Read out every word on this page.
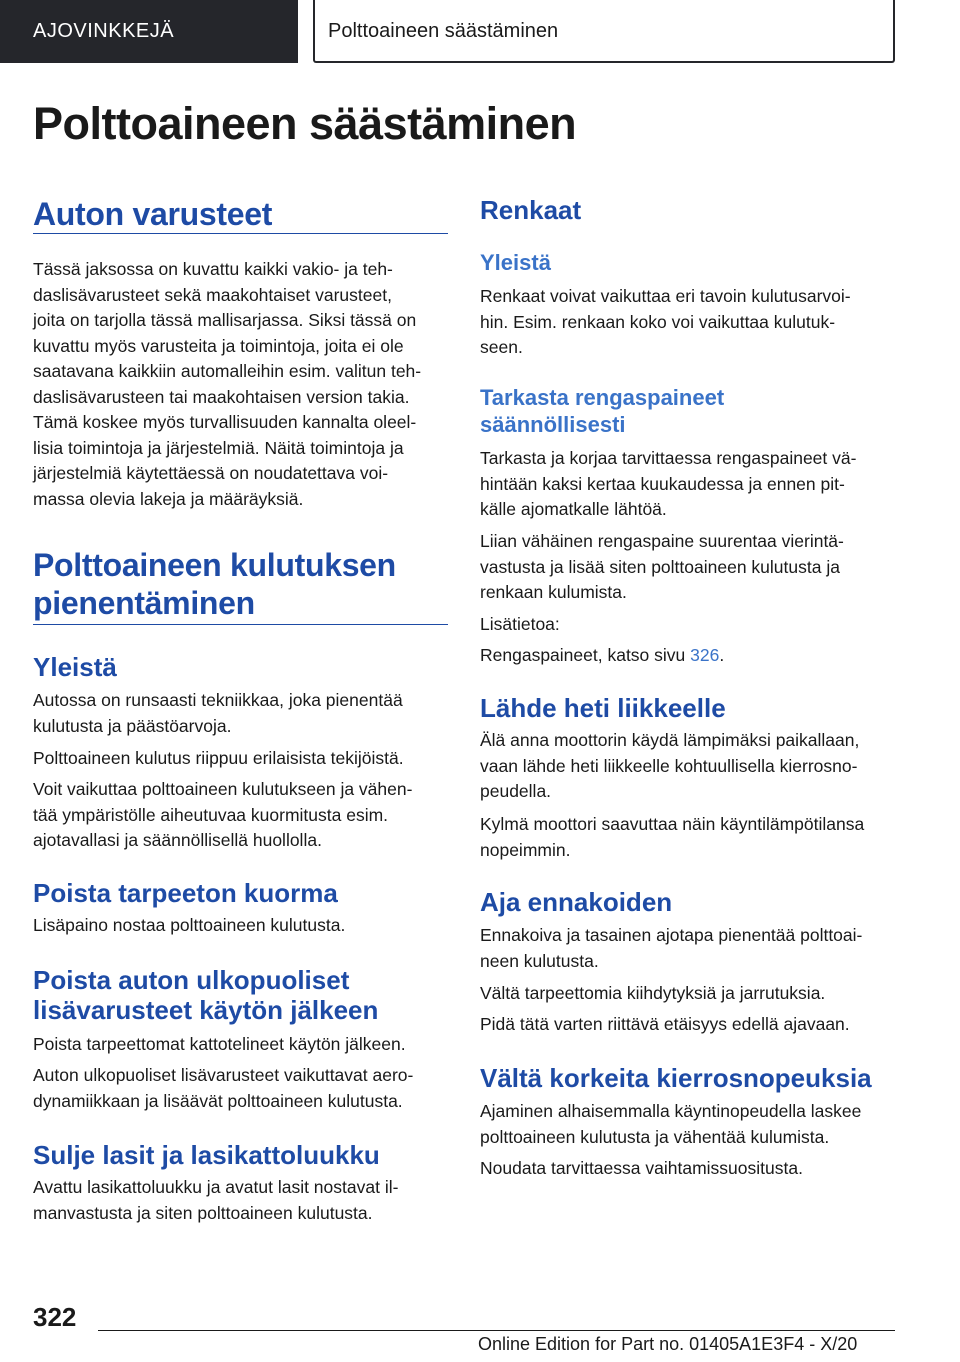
AJOVINKKEJÄ	Polttoaineen säästäminen
Polttoaineen säästäminen
Auton varusteet
Tässä jaksossa on kuvattu kaikki vakio- ja teh-
daslisävarusteet sekä maakohtaiset varusteet,
joita on tarjolla tässä mallisarjassa. Siksi tässä on
kuvattu myös varusteita ja toimintoja, joita ei ole
saatavana kaikkiin automalleihin esim. valitun teh-
daslisävarusteen tai maakohtaisen version takia.
Tämä koskee myös turvallisuuden kannalta oleel-
lisia toimintoja ja järjestelmiä. Näitä toimintoja ja
järjestelmiä käytettäessä on noudatettava voi-
massa olevia lakeja ja määräyksiä.
Polttoaineen kulutuksen
pienentäminen
Yleistä
Autossa on runsaasti tekniikkaa, joka pienentää
kulutusta ja päästöarvoja.
Polttoaineen kulutus riippuu erilaisista tekijöistä.
Voit vaikuttaa polttoaineen kulutukseen ja vähen-
tää ympäristölle aiheutuvaa kuormitusta esim.
ajotavallasi ja säännöllisellä huollolla.
Poista tarpeeton kuorma
Lisäpaino nostaa polttoaineen kulutusta.
Poista auton ulkopuoliset
lisävarusteet käytön jälkeen
Poista tarpeettomat kattotelineet käytön jälkeen.
Auton ulkopuoliset lisävarusteet vaikuttavat aero-
dynamiikkaan ja lisäävät polttoaineen kulutusta.
Sulje lasit ja lasikattoluukku
Avattu lasikattoluukku ja avatut lasit nostavat il-
manvastusta ja siten polttoaineen kulutusta.
Renkaat
Yleistä
Renkaat voivat vaikuttaa eri tavoin kulutusarvoi-
hin. Esim. renkaan koko voi vaikuttaa kulutuk-
seen.
Tarkasta rengaspaineet
säännöllisesti
Tarkasta ja korjaa tarvittaessa rengaspaineet vä-
hintään kaksi kertaa kuukaudessa ja ennen pit-
källe ajomatkalle lähtöä.
Liian vähäinen rengaspaine suurentaa vierintä-
vastusta ja lisää siten polttoaineen kulutusta ja
renkaan kulumista.
Lisätietoa:
Rengaspaineet, katso sivu 326.
Lähde heti liikkeelle
Älä anna moottorin käydä lämpimäksi paikallaan,
vaan lähde heti liikkeelle kohtuullisella kierrosno-
peudella.
Kylmä moottori saavuttaa näin käyntilämpötilansa
nopeimmin.
Aja ennakoiden
Ennakoiva ja tasainen ajotapa pienentää polttoai-
neen kulutusta.
Vältä tarpeettomia kiihdytyksiä ja jarrutuksia.
Pidä tätä varten riittävä etäisyys edellä ajavaan.
Vältä korkeita kierrosnopeuksia
Ajaminen alhaisemmalla käyntinopeudella laskee
polttoaineen kulutusta ja vähentää kulumista.
Noudata tarvittaessa vaihtamissuositusta.
322
Online Edition for Part no. 01405A1E3F4 - X/20
